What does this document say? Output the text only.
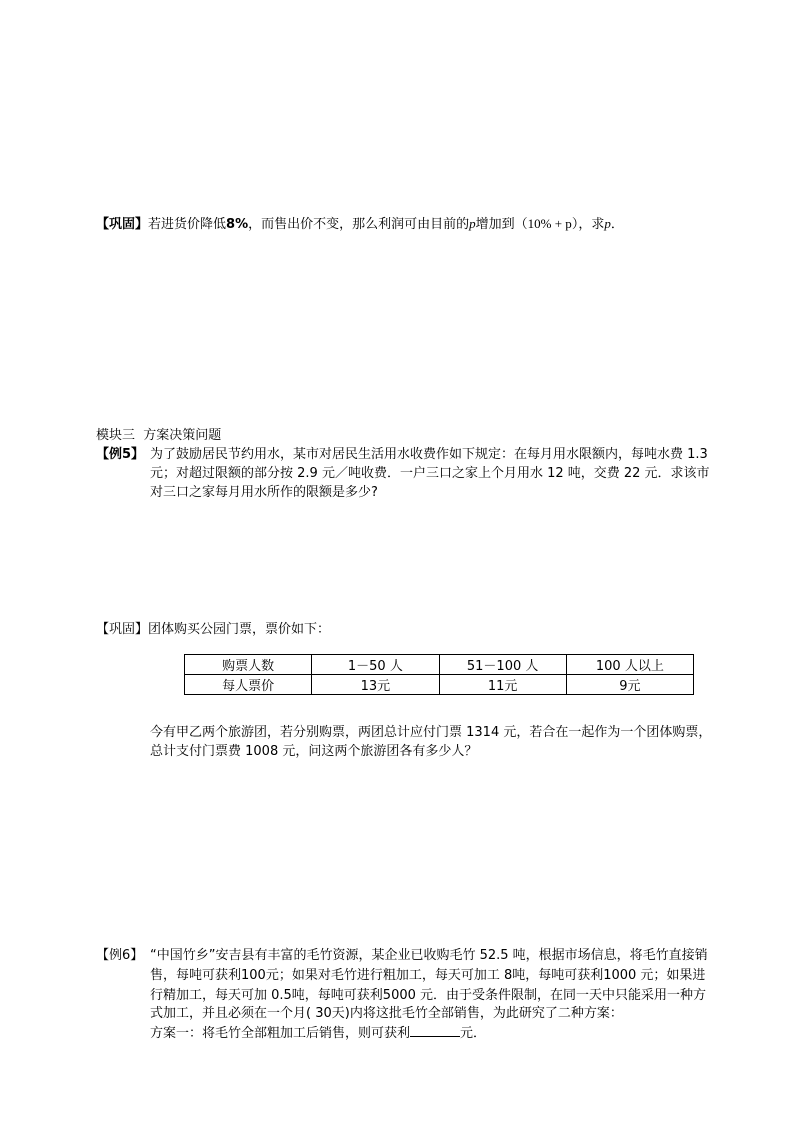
【巩固】若进货价降低8%，而售出价不变，那么利润可由目前的p增加到（10% + p），求p．
模块三  方案决策问题
【例5】 为了鼓励居民节约用水，某市对居民生活用水收费作如下规定：在每月用水限额内，每吨水费 1.3
元；对超过限额的部分按 2.9 元／吨收费．一户三口之家上个月用水 12 吨，交费 22 元．求该市
对三口之家每月用水所作的限额是多少?
【巩固】团体购买公园门票，票价如下：
购票人数	1－50 人	51－100 人	100 人以上
每人票价	13元	11元	9元
今有甲乙两个旅游团，若分别购票，两团总计应付门票 1314 元，若合在一起作为一个团体购票，
总计支付门票费 1008 元，问这两个旅游团各有多少人？
【例6】 “中国竹乡”安吉县有丰富的毛竹资源，某企业已收购毛竹 52.5 吨，根据市场信息，将毛竹直接销
售，每吨可获利100元；如果对毛竹进行粗加工，每天可加工 8吨，每吨可获利1000 元；如果进
行精加工，每天可加 0.5吨，每吨可获利5000 元．由于受条件限制，在同一天中只能采用一种方
式加工，并且必须在一个月( 30天)内将这批毛竹全部销售，为此研究了二种方案：
方案一：将毛竹全部粗加工后销售，则可获利	元．
